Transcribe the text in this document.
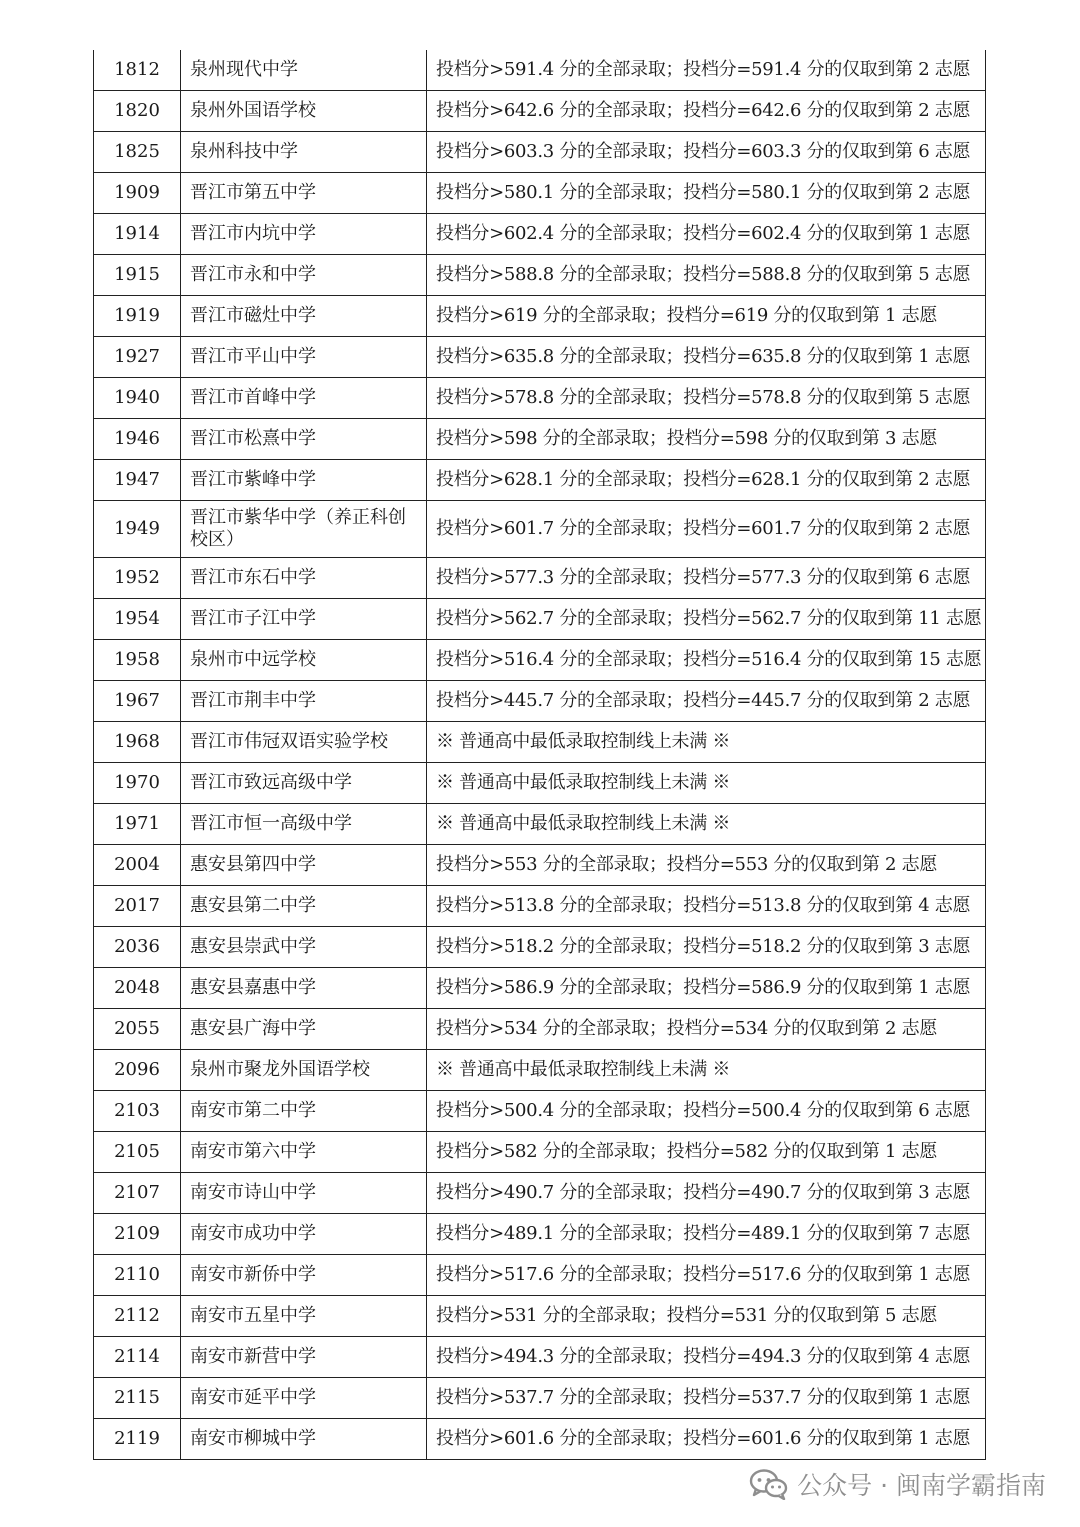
1812	泉州现代中学	投档分>591.4 分的全部录取；投档分=591.4 分的仅取到第 2 志愿
1820	泉州外国语学校	投档分>642.6 分的全部录取；投档分=642.6 分的仅取到第 2 志愿
1825	泉州科技中学	投档分>603.3 分的全部录取；投档分=603.3 分的仅取到第 6 志愿
1909	晋江市第五中学	投档分>580.1 分的全部录取；投档分=580.1 分的仅取到第 2 志愿
1914	晋江市内坑中学	投档分>602.4 分的全部录取；投档分=602.4 分的仅取到第 1 志愿
1915	晋江市永和中学	投档分>588.8 分的全部录取；投档分=588.8 分的仅取到第 5 志愿
1919	晋江市磁灶中学	投档分>619 分的全部录取；投档分=619 分的仅取到第 1 志愿
1927	晋江市平山中学	投档分>635.8 分的全部录取；投档分=635.8 分的仅取到第 1 志愿
1940	晋江市首峰中学	投档分>578.8 分的全部录取；投档分=578.8 分的仅取到第 5 志愿
1946	晋江市松熹中学	投档分>598 分的全部录取；投档分=598 分的仅取到第 3 志愿
1947	晋江市紫峰中学	投档分>628.1 分的全部录取；投档分=628.1 分的仅取到第 2 志愿
1949	晋江市紫华中学（养正科创校区）	投档分>601.7 分的全部录取；投档分=601.7 分的仅取到第 2 志愿
1952	晋江市东石中学	投档分>577.3 分的全部录取；投档分=577.3 分的仅取到第 6 志愿
1954	晋江市子江中学	投档分>562.7 分的全部录取；投档分=562.7 分的仅取到第 11 志愿
1958	泉州市中远学校	投档分>516.4 分的全部录取；投档分=516.4 分的仅取到第 15 志愿
1967	晋江市荆丰中学	投档分>445.7 分的全部录取；投档分=445.7 分的仅取到第 2 志愿
1968	晋江市伟冠双语实验学校	※ 普通高中最低录取控制线上未满 ※
1970	晋江市致远高级中学	※ 普通高中最低录取控制线上未满 ※
1971	晋江市恒一高级中学	※ 普通高中最低录取控制线上未满 ※
2004	惠安县第四中学	投档分>553 分的全部录取；投档分=553 分的仅取到第 2 志愿
2017	惠安县第二中学	投档分>513.8 分的全部录取；投档分=513.8 分的仅取到第 4 志愿
2036	惠安县崇武中学	投档分>518.2 分的全部录取；投档分=518.2 分的仅取到第 3 志愿
2048	惠安县嘉惠中学	投档分>586.9 分的全部录取；投档分=586.9 分的仅取到第 1 志愿
2055	惠安县广海中学	投档分>534 分的全部录取；投档分=534 分的仅取到第 2 志愿
2096	泉州市聚龙外国语学校	※ 普通高中最低录取控制线上未满 ※
2103	南安市第二中学	投档分>500.4 分的全部录取；投档分=500.4 分的仅取到第 6 志愿
2105	南安市第六中学	投档分>582 分的全部录取；投档分=582 分的仅取到第 1 志愿
2107	南安市诗山中学	投档分>490.7 分的全部录取；投档分=490.7 分的仅取到第 3 志愿
2109	南安市成功中学	投档分>489.1 分的全部录取；投档分=489.1 分的仅取到第 7 志愿
2110	南安市新侨中学	投档分>517.6 分的全部录取；投档分=517.6 分的仅取到第 1 志愿
2112	南安市五星中学	投档分>531 分的全部录取；投档分=531 分的仅取到第 5 志愿
2114	南安市新营中学	投档分>494.3 分的全部录取；投档分=494.3 分的仅取到第 4 志愿
2115	南安市延平中学	投档分>537.7 分的全部录取；投档分=537.7 分的仅取到第 1 志愿
2119	南安市柳城中学	投档分>601.6 分的全部录取；投档分=601.6 分的仅取到第 1 志愿
公众号 · 闽南学霸指南
